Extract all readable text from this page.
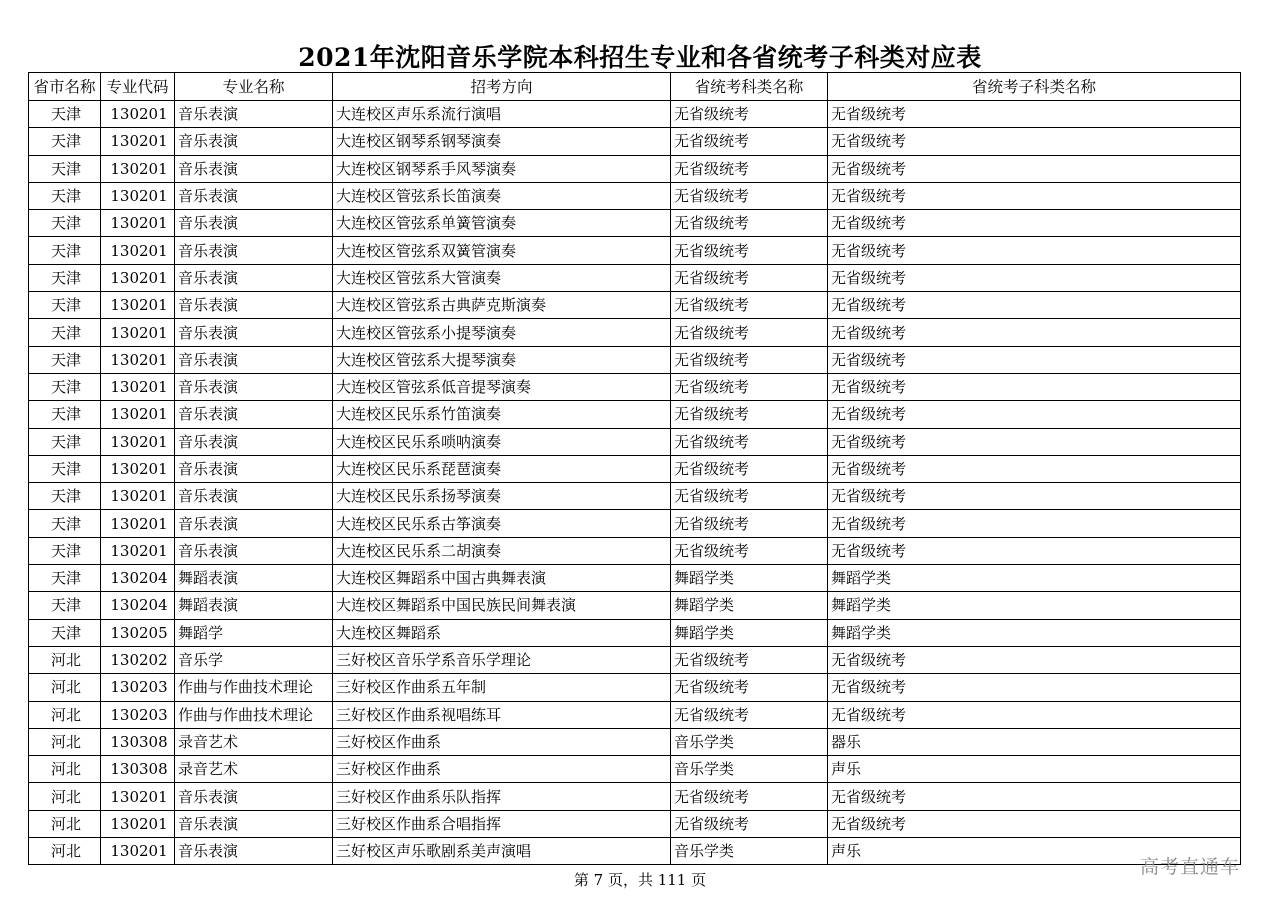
2021年沈阳音乐学院本科招生专业和各省统考子科类对应表
省市名称	专业代码	专业名称	招考方向	省统考科类名称	省统考子科类名称
天津	130201	音乐表演	大连校区声乐系流行演唱	无省级统考	无省级统考
天津	130201	音乐表演	大连校区钢琴系钢琴演奏	无省级统考	无省级统考
天津	130201	音乐表演	大连校区钢琴系手风琴演奏	无省级统考	无省级统考
天津	130201	音乐表演	大连校区管弦系长笛演奏	无省级统考	无省级统考
天津	130201	音乐表演	大连校区管弦系单簧管演奏	无省级统考	无省级统考
天津	130201	音乐表演	大连校区管弦系双簧管演奏	无省级统考	无省级统考
天津	130201	音乐表演	大连校区管弦系大管演奏	无省级统考	无省级统考
天津	130201	音乐表演	大连校区管弦系古典萨克斯演奏	无省级统考	无省级统考
天津	130201	音乐表演	大连校区管弦系小提琴演奏	无省级统考	无省级统考
天津	130201	音乐表演	大连校区管弦系大提琴演奏	无省级统考	无省级统考
天津	130201	音乐表演	大连校区管弦系低音提琴演奏	无省级统考	无省级统考
天津	130201	音乐表演	大连校区民乐系竹笛演奏	无省级统考	无省级统考
天津	130201	音乐表演	大连校区民乐系唢呐演奏	无省级统考	无省级统考
天津	130201	音乐表演	大连校区民乐系琵琶演奏	无省级统考	无省级统考
天津	130201	音乐表演	大连校区民乐系扬琴演奏	无省级统考	无省级统考
天津	130201	音乐表演	大连校区民乐系古筝演奏	无省级统考	无省级统考
天津	130201	音乐表演	大连校区民乐系二胡演奏	无省级统考	无省级统考
天津	130204	舞蹈表演	大连校区舞蹈系中国古典舞表演	舞蹈学类	舞蹈学类
天津	130204	舞蹈表演	大连校区舞蹈系中国民族民间舞表演	舞蹈学类	舞蹈学类
天津	130205	舞蹈学	大连校区舞蹈系	舞蹈学类	舞蹈学类
河北	130202	音乐学	三好校区音乐学系音乐学理论	无省级统考	无省级统考
河北	130203	作曲与作曲技术理论	三好校区作曲系五年制	无省级统考	无省级统考
河北	130203	作曲与作曲技术理论	三好校区作曲系视唱练耳	无省级统考	无省级统考
河北	130308	录音艺术	三好校区作曲系	音乐学类	器乐
河北	130308	录音艺术	三好校区作曲系	音乐学类	声乐
河北	130201	音乐表演	三好校区作曲系乐队指挥	无省级统考	无省级统考
河北	130201	音乐表演	三好校区作曲系合唱指挥	无省级统考	无省级统考
河北	130201	音乐表演	三好校区声乐歌剧系美声演唱	音乐学类	声乐
第 7 页，共 111 页
高考直通车
